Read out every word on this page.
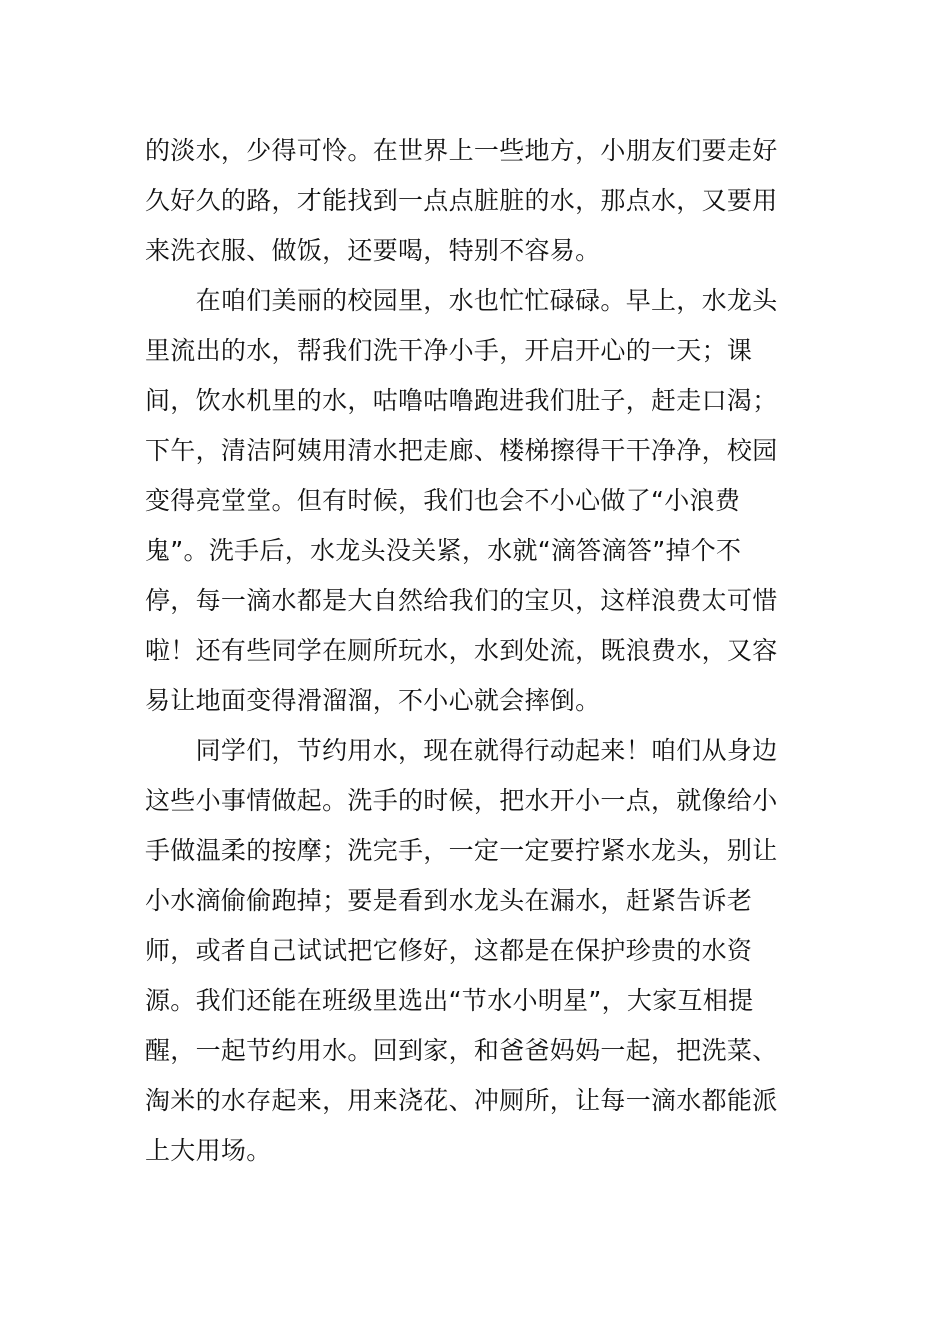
的淡水，少得可怜。在世界上一些地方，小朋友们要走好
久好久的路，才能找到一点点脏脏的水，那点水，又要用
来洗衣服、做饭，还要喝，特别不容易。
　　在咱们美丽的校园里，水也忙忙碌碌。早上，水龙头
里流出的水，帮我们洗干净小手，开启开心的一天；课
间，饮水机里的水，咕噜咕噜跑进我们肚子，赶走口渴；
下午，清洁阿姨用清水把走廊、楼梯擦得干干净净，校园
变得亮堂堂。但有时候，我们也会不小心做了“小浪费
鬼”。洗手后，水龙头没关紧，水就“滴答滴答”掉个不
停，每一滴水都是大自然给我们的宝贝，这样浪费太可惜
啦！还有些同学在厕所玩水，水到处流，既浪费水，又容
易让地面变得滑溜溜，不小心就会摔倒。
　　同学们，节约用水，现在就得行动起来！咱们从身边
这些小事情做起。洗手的时候，把水开小一点，就像给小
手做温柔的按摩；洗完手，一定一定要拧紧水龙头，别让
小水滴偷偷跑掉；要是看到水龙头在漏水，赶紧告诉老
师，或者自己试试把它修好，这都是在保护珍贵的水资
源。我们还能在班级里选出“节水小明星”，大家互相提
醒，一起节约用水。回到家，和爸爸妈妈一起，把洗菜、
淘米的水存起来，用来浇花、冲厕所，让每一滴水都能派
上大用场。
